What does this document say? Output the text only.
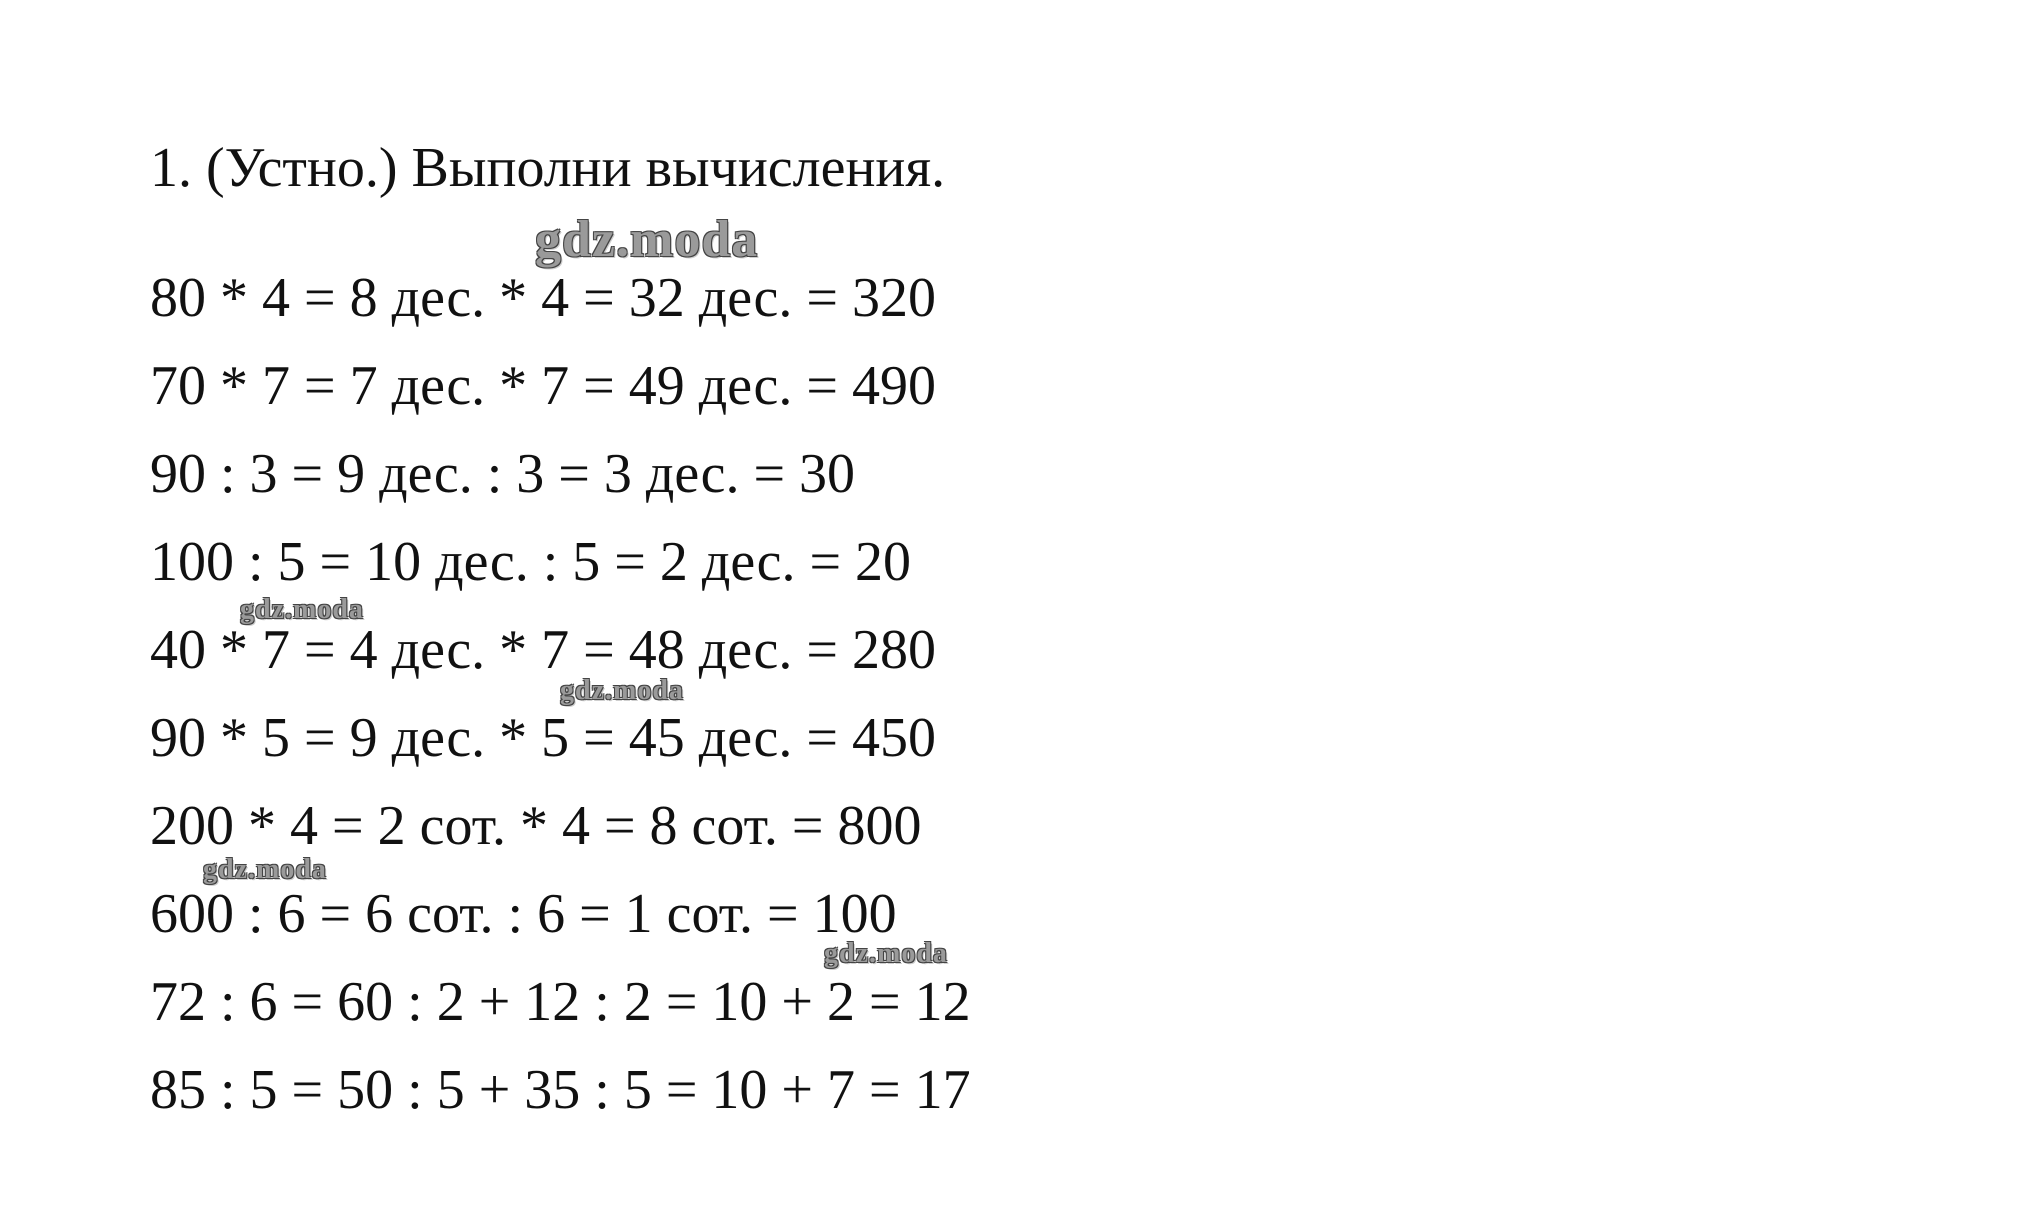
1. (Устно.) Выполни вычисления.
80 * 4 = 8 дес. * 4 = 32 дес. = 320
70 * 7 = 7 дес. * 7 = 49 дес. = 490
90 : 3 = 9 дес. : 3 = 3 дес. = 30
100 : 5 = 10 дес. : 5 = 2 дес. = 20
40 * 7 = 4 дес. * 7 = 48 дес. = 280
90 * 5 = 9 дес. * 5 = 45 дес. = 450
200 * 4 = 2 сот. * 4 = 8 сот. = 800
600 : 6 = 6 сот. : 6 = 1 сот. = 100
72 : 6 = 60 : 2 + 12 : 2 = 10 + 2 = 12
85 : 5 = 50 : 5 + 35 : 5 = 10 + 7 = 17
gdz.moda
gdz.moda
gdz.moda
gdz.moda
gdz.moda
